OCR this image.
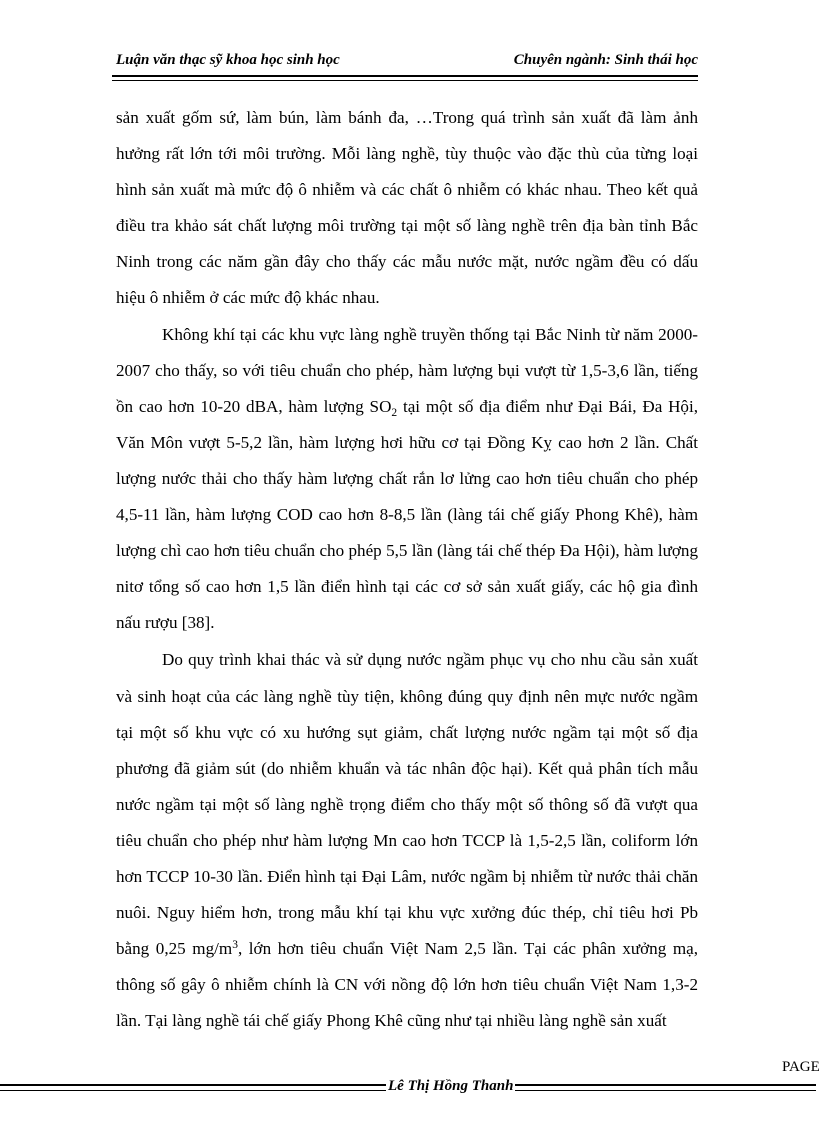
Luận văn thạc sỹ khoa học sinh học	Chuyên ngành: Sinh thái học

sản xuất gốm sứ, làm bún, làm bánh đa, …Trong quá trình sản xuất đã làm ảnh hưởng rất lớn tới môi trường. Mỗi làng nghề, tùy thuộc vào đặc thù của từng loại hình sản xuất mà mức độ ô nhiễm và các chất ô nhiễm có khác nhau. Theo kết quả điều tra khảo sát chất lượng môi trường tại một số làng nghề trên địa bàn tỉnh Bắc Ninh trong các năm gần đây cho thấy các mẫu nước mặt, nước ngầm đều có dấu hiệu ô nhiễm ở các mức độ khác nhau.

Không khí tại các khu vực làng nghề truyền thống tại Bắc Ninh từ năm 2000-2007 cho thấy, so với tiêu chuẩn cho phép, hàm lượng bụi vượt từ 1,5-3,6 lần, tiếng ồn cao hơn 10-20 dBA, hàm lượng $SO_2$ tại một số địa điểm như Đại Bái, Đa Hội, Văn Môn vượt 5-5,2 lần, hàm lượng hơi hữu cơ tại Đồng Kỵ cao hơn 2 lần. Chất lượng nước thải cho thấy hàm lượng chất rắn lơ lửng cao hơn tiêu chuẩn cho phép 4,5-11 lần, hàm lượng COD cao hơn 8-8,5 lần (làng tái chế giấy Phong Khê), hàm lượng chì cao hơn tiêu chuẩn cho phép 5,5 lần (làng tái chế thép Đa Hội), hàm lượng nitơ tổng số cao hơn 1,5 lần điển hình tại các cơ sở sản xuất giấy, các hộ gia đình nấu rượu [38].

Do quy trình khai thác và sử dụng nước ngầm phục vụ cho nhu cầu sản xuất và sinh hoạt của các làng nghề tùy tiện, không đúng quy định nên mực nước ngầm tại một số khu vực có xu hướng sụt giảm, chất lượng nước ngầm tại một số địa phương đã giảm sút (do nhiễm khuẩn và tác nhân độc hại). Kết quả phân tích mẫu nước ngầm tại một số làng nghề trọng điểm cho thấy một số thông số đã vượt qua tiêu chuẩn cho phép như hàm lượng Mn cao hơn TCCP là 1,5-2,5 lần, coliform lớn hơn TCCP 10-30 lần. Điển hình tại Đại Lâm, nước ngầm bị nhiễm từ nước thải chăn nuôi. Nguy hiểm hơn, trong mẫu khí tại khu vực xưởng đúc thép, chỉ tiêu hơi Pb bằng 0,25 $mg/m^3$, lớn hơn tiêu chuẩn Việt Nam 2,5 lần. Tại các phân xưởng mạ, thông số gây ô nhiễm chính là CN với nồng độ lớn hơn tiêu chuẩn Việt Nam 1,3-2 lần. Tại làng nghề tái chế giấy Phong Khê cũng như tại nhiều làng nghề sản xuất

PAGE
Lê Thị Hồng Thanh
